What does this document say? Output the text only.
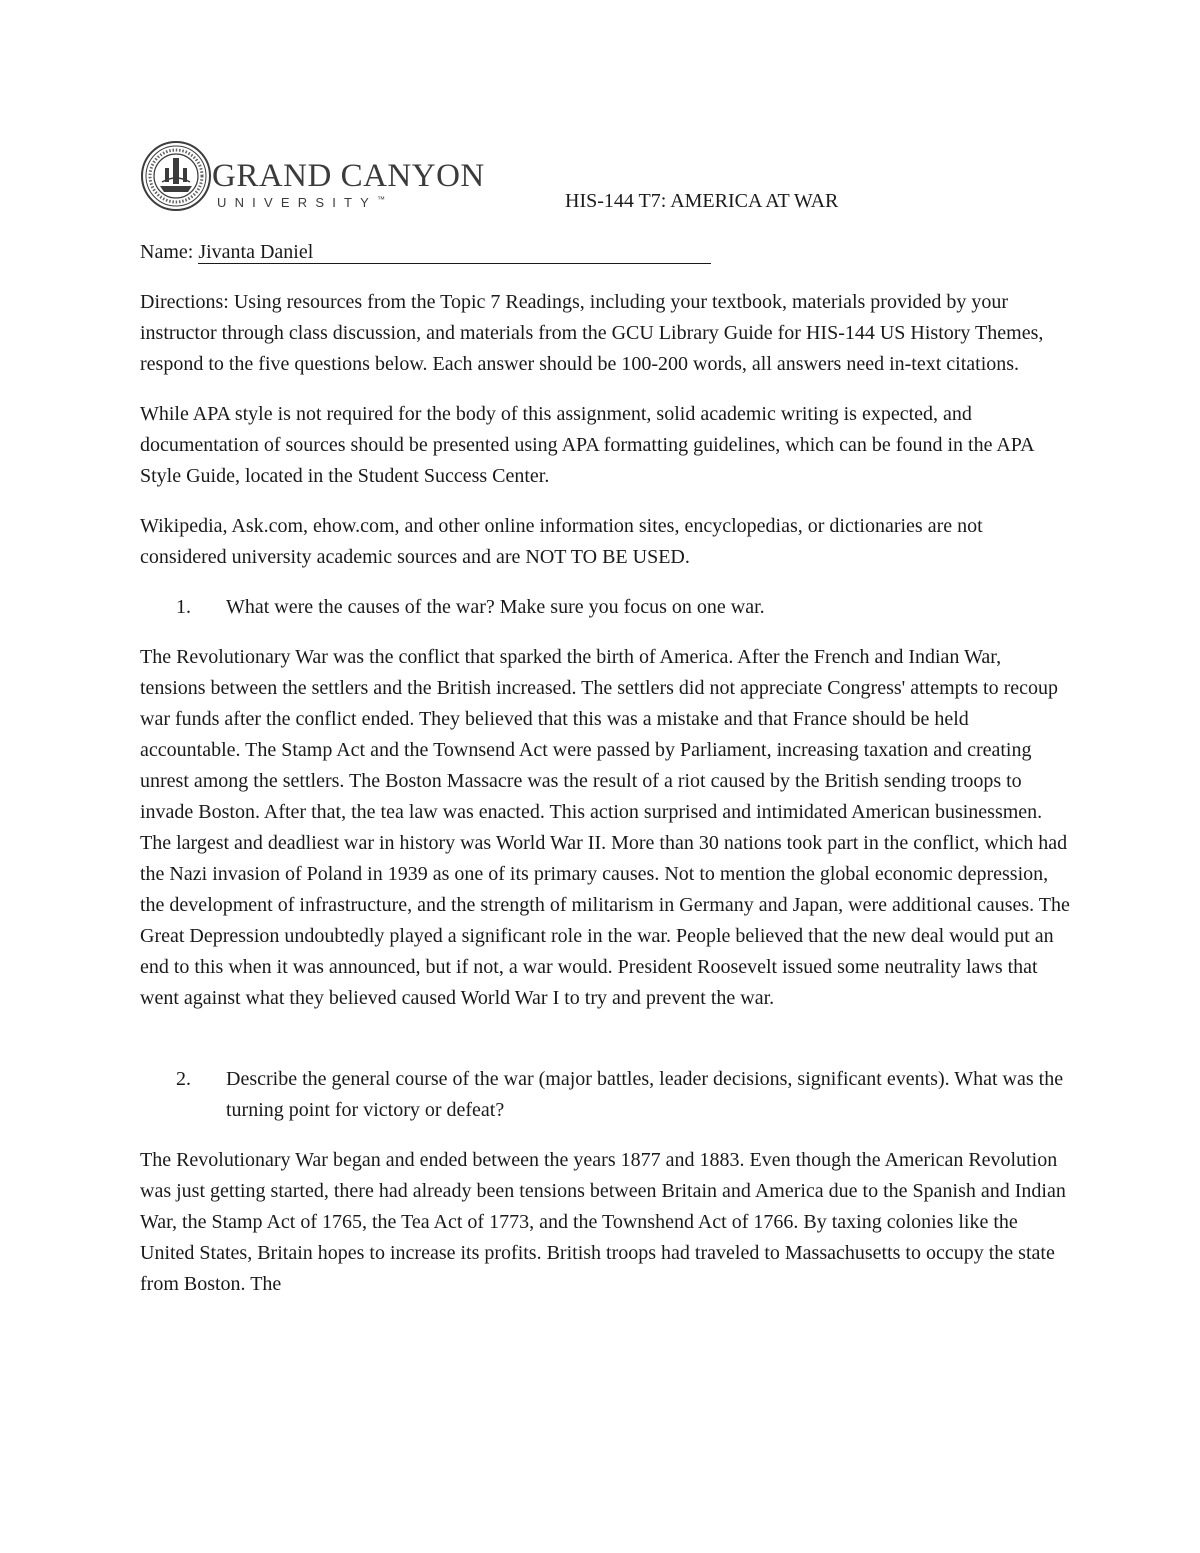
GRAND CANYON
UNIVERSITY™	HIS-144 T7: AMERICA AT WAR
Name: Jivanta Daniel

Directions: Using resources from the Topic 7 Readings, including your textbook, materials provided by your instructor through class discussion, and materials from the GCU Library Guide for HIS-144 US History Themes, respond to the five questions below. Each answer should be 100-200 words, all answers need in-text citations.

While APA style is not required for the body of this assignment, solid academic writing is expected, and documentation of sources should be presented using APA formatting guidelines, which can be found in the APA Style Guide, located in the Student Success Center.

Wikipedia, Ask.com, ehow.com, and other online information sites, encyclopedias, or dictionaries are not considered university academic sources and are NOT TO BE USED.

1. What were the causes of the war? Make sure you focus on one war.

The Revolutionary War was the conflict that sparked the birth of America. After the French and Indian War, tensions between the settlers and the British increased. The settlers did not appreciate Congress' attempts to recoup war funds after the conflict ended. They believed that this was a mistake and that France should be held accountable. The Stamp Act and the Townsend Act were passed by Parliament, increasing taxation and creating unrest among the settlers. The Boston Massacre was the result of a riot caused by the British sending troops to invade Boston. After that, the tea law was enacted. This action surprised and intimidated American businessmen. The largest and deadliest war in history was World War II. More than 30 nations took part in the conflict, which had the Nazi invasion of Poland in 1939 as one of its primary causes. Not to mention the global economic depression, the development of infrastructure, and the strength of militarism in Germany and Japan, were additional causes. The Great Depression undoubtedly played a significant role in the war. People believed that the new deal would put an end to this when it was announced, but if not, a war would. President Roosevelt issued some neutrality laws that went against what they believed caused World War I to try and prevent the war.

2. Describe the general course of the war (major battles, leader decisions, significant events). What was the turning point for victory or defeat?

The Revolutionary War began and ended between the years 1877 and 1883. Even though the American Revolution was just getting started, there had already been tensions between Britain and America due to the Spanish and Indian War, the Stamp Act of 1765, the Tea Act of 1773, and the Townshend Act of 1766. By taxing colonies like the United States, Britain hopes to increase its profits. British troops had traveled to Massachusetts to occupy the state from Boston. The
